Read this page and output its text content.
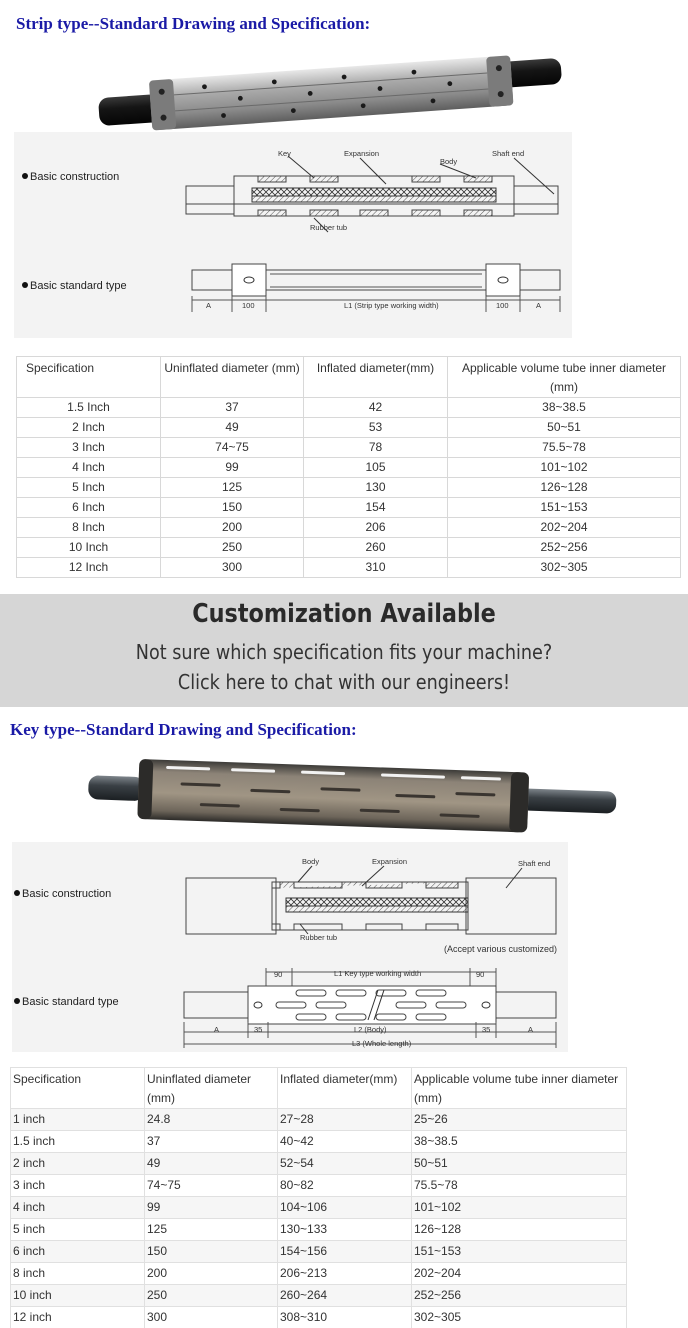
Strip type--Standard Drawing and Specification:
Basic construction
Basic standard type
Key	Expansion
Body
Shaft end
Rubber tub
A	100	L1 (Strip type working width)	100	A
Specification	Uninflated diameter (mm)	Inflated diameter(mm)	Applicable volume tube inner diameter (mm)
1.5 Inch	37	42	38~38.5
2 Inch	49	53	50~51
3 Inch	74~75	78	75.5~78
4 Inch	99	105	101~102
5 Inch	125	130	126~128
6 Inch	150	154	151~153
8 Inch	200	206	202~204
10 Inch	250	260	252~256
12 Inch	300	310	302~305
Customization Available
Not sure which specification fits your machine?
Click here to chat with our engineers!
Key type--Standard Drawing and Specification:
Basic construction
Basic standard type
Body	Expansion	Shaft end
Rubber tub
(Accept various customized)
90	L1 Key type working width	90
A	35	L2 (Body)	35	A
L3 (Whole length)
Specification	Uninflated diameter (mm)	Inflated diameter(mm)	Applicable volume tube inner diameter (mm)
1 inch	24.8	27~28	25~26
1.5 inch	37	40~42	38~38.5
2 inch	49	52~54	50~51
3 inch	74~75	80~82	75.5~78
4 inch	99	104~106	101~102
5 inch	125	130~133	126~128
6 inch	150	154~156	151~153
8 inch	200	206~213	202~204
10 inch	250	260~264	252~256
12 inch	300	308~310	302~305
